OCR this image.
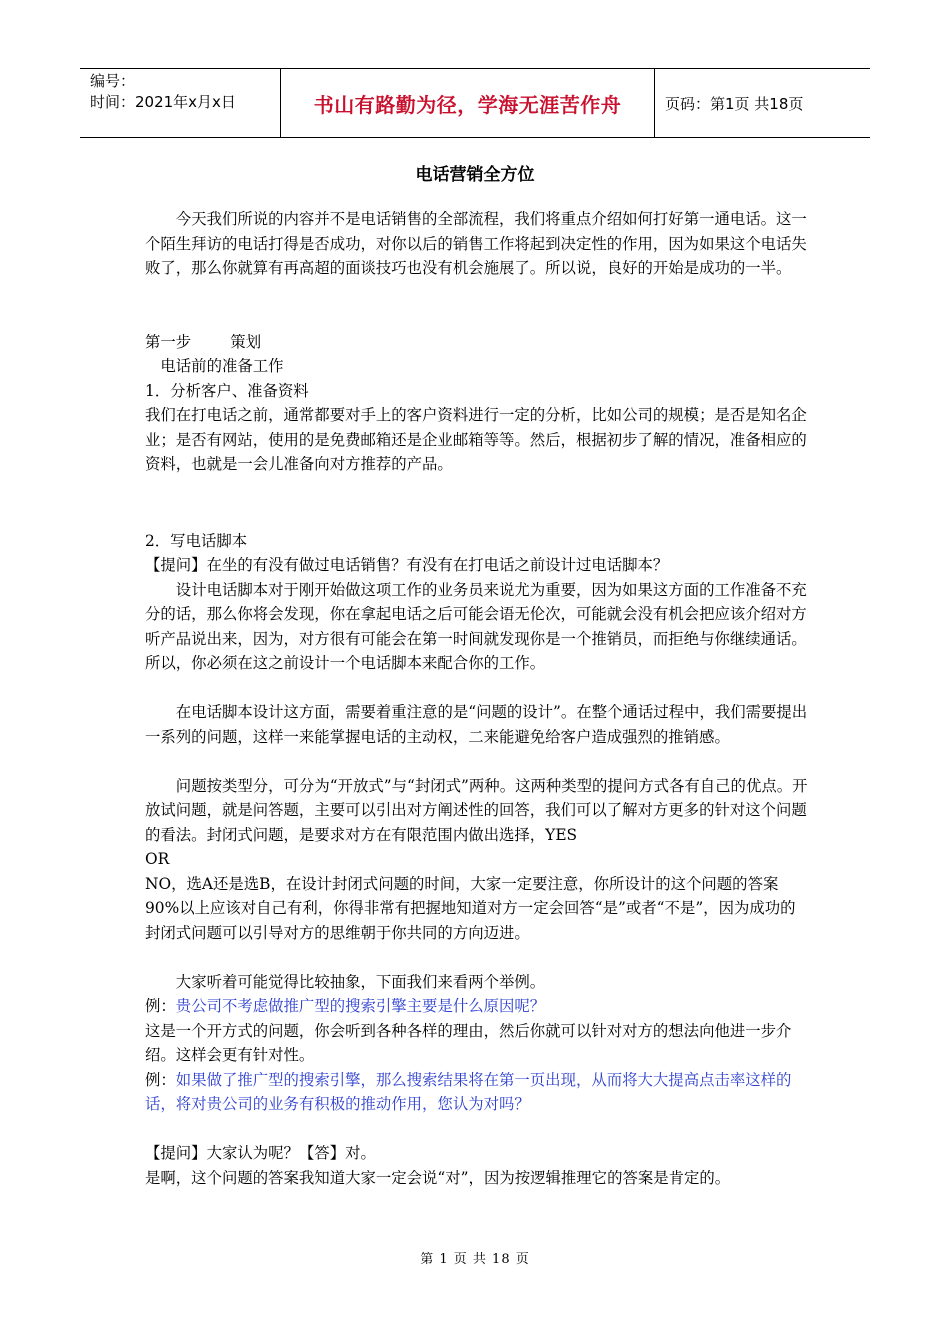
编号：
时间：2021年x月x日	书山有路勤为径，学海无涯苦作舟	页码：第1页 共18页
电话营销全方位

今天我们所说的内容并不是电话销售的全部流程，我们将重点介绍如何打好第一通电话。这一个陌生拜访的电话打得是否成功，对你以后的销售工作将起到决定性的作用，因为如果这个电话失败了，那么你就算有再高超的面谈技巧也没有机会施展了。所以说，良好的开始是成功的一半。

第一步        策划

电话前的准备工作

1．分析客户、准备资料

我们在打电话之前，通常都要对手上的客户资料进行一定的分析，比如公司的规模；是否是知名企业；是否有网站，使用的是免费邮箱还是企业邮箱等等。然后，根据初步了解的情况，准备相应的资料，也就是一会儿准备向对方推荐的产品。

2．写电话脚本

【提问】在坐的有没有做过电话销售？有没有在打电话之前设计过电话脚本？

设计电话脚本对于刚开始做这项工作的业务员来说尤为重要，因为如果这方面的工作准备不充分的话，那么你将会发现，你在拿起电话之后可能会语无伦次，可能就会没有机会把应该介绍对方听产品说出来，因为，对方很有可能会在第一时间就发现你是一个推销员，而拒绝与你继续通话。所以，你必须在这之前设计一个电话脚本来配合你的工作。

在电话脚本设计这方面，需要着重注意的是“问题的设计”。在整个通话过程中，我们需要提出一系列的问题，这样一来能掌握电话的主动权，二来能避免给客户造成强烈的推销感。

问题按类型分，可分为“开放式”与“封闭式”两种。这两种类型的提问方式各有自己的优点。开放试问题，就是问答题，主要可以引出对方阐述性的回答，我们可以了解对方更多的针对这个问题的看法。封闭式问题，是要求对方在有限范围内做出选择，YES

OR

NO，选A还是选B，在设计封闭式问题的时间，大家一定要注意，你所设计的这个问题的答案90%以上应该对自己有利，你得非常有把握地知道对方一定会回答“是”或者“不是”，因为成功的封闭式问题可以引导对方的思维朝于你共同的方向迈进。

大家听着可能觉得比较抽象，下面我们来看两个举例。

例：贵公司不考虑做推广型的搜索引擎主要是什么原因呢？

这是一个开方式的问题，你会听到各种各样的理由，然后你就可以针对对方的想法向他进一步介绍。这样会更有针对性。

例：如果做了推广型的搜索引擎，那么搜索结果将在第一页出现，从而将大大提高点击率这样的话，将对贵公司的业务有积极的推动作用，您认为对吗？

【提问】大家认为呢？【答】对。

是啊，这个问题的答案我知道大家一定会说“对”，因为按逻辑推理它的答案是肯定的。

第 1 页 共 18 页
